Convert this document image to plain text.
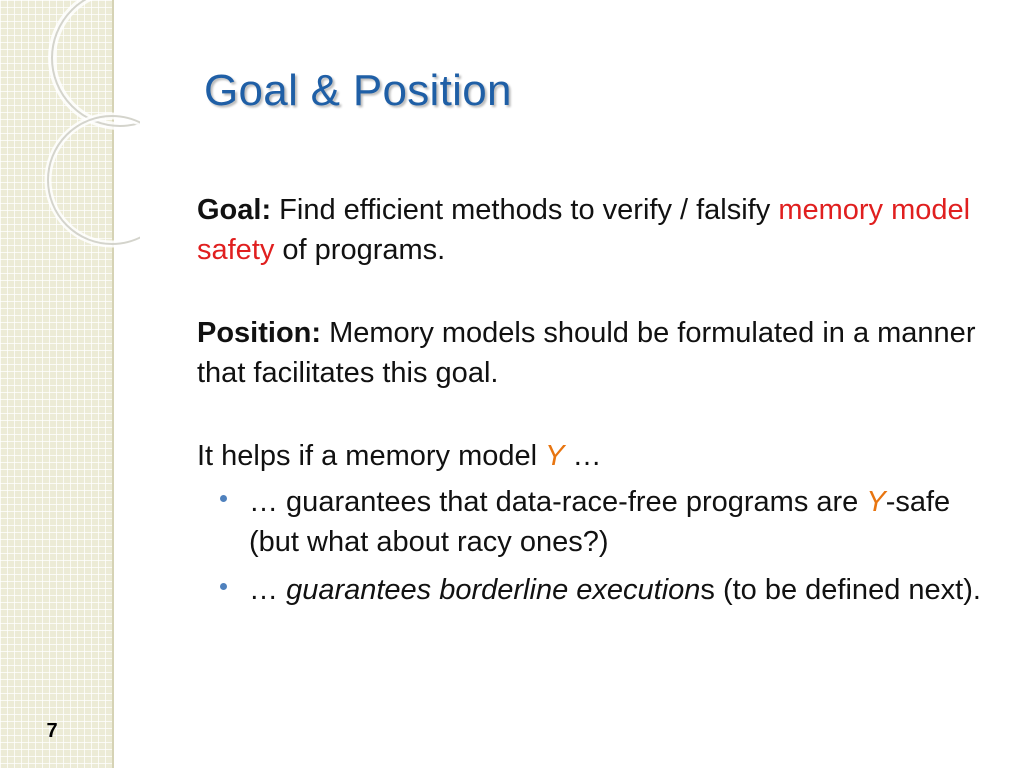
7
Goal & Position

Goal: Find efficient methods to verify / falsify memory model safety of programs.

Position: Memory models should be formulated in a manner that facilitates this goal.

It helps if a memory model Y …

… guarantees that data-race-free programs are Y-safe (but what about racy ones?)
… guarantees borderline executions (to be defined next).
